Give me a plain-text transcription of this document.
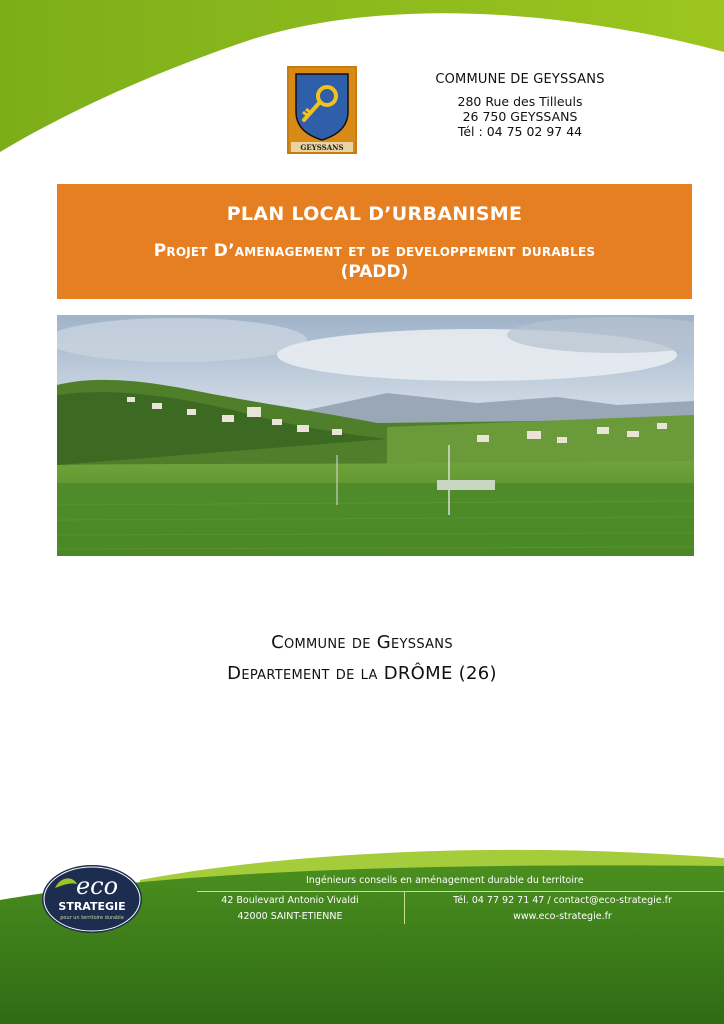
GEYSSANS
COMMUNE DE GEYSSANS
280 Rue des Tilleuls
26 750 GEYSSANS
Tél : 04 75 02 97 44
PLAN LOCAL D’URBANISME
Projet D’amenagement et de developpement durables
(PADD)
Commune de Geyssans
Departement de la DRÔME (26)
eco
STRATEGIE
pour un territoire durable
Ingénieurs conseils en aménagement durable du territoire
42 Boulevard Antonio Vivaldi
42000 SAINT-ETIENNE
Tél. 04 77 92 71 47 / contact@eco-strategie.fr
www.eco-strategie.fr
